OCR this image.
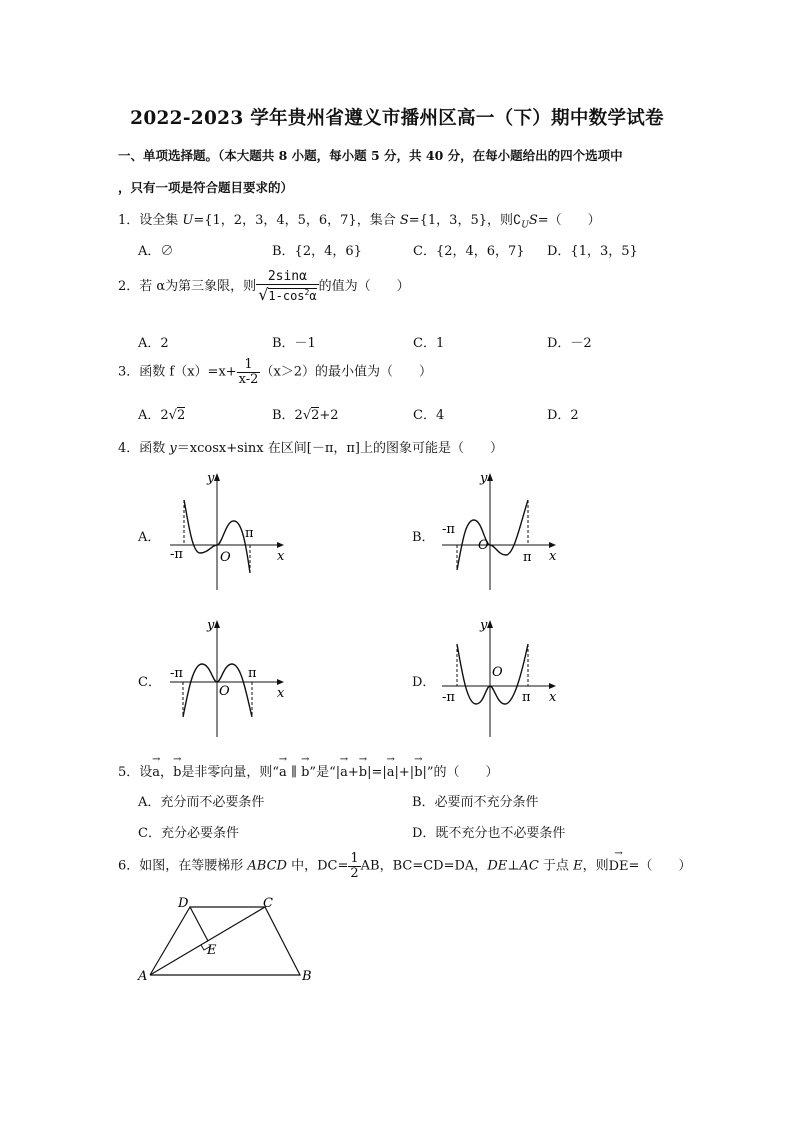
2022-2023 学年贵州省遵义市播州区高一（下）期中数学试卷
一、单项选择题。（本大题共 8 小题，每小题 5 分，共 40 分，在每小题给出的四个选项中
，只有一项是符合题目要求的）
1．设全集 U={1，2，3，4，5，6，7}，集合 S={1，3，5}，则$∁_US=$（　　）
A．∅	B．{2，4，6}	C．{2，4，6，7} D．{1，3，5}
2．若 α为第三象限，则 $\frac{2\sin\alpha}{√1-\cos^2\alpha}$ 的值为（　　）
A．2	B．－1	C．1	D．－2
3．函数 $f(x)=x+ \frac{1}{x-2} (x>2)$的最小值为（　　）
A．2√2	B．2√2+2	C．4	D．2
4．函数 y＝xcosx+sinx 在区间[－π，π]上的图象可能是（　　）
A．	B．
C．	D．
y
x
O
-π
π
y
x
O
-π
π
y
x
O
-π	π
y
x
O
-π	π
5．设→ a，→ b是非零向量，则“→ a ∥ → b”是“|→ a+→ b|=|→ a|+|→ b|”的（　　）
A．充分而不必要条件	B．必要而不充分条件
C．充分必要条件	D．既不充分也不必要条件
6．如图，在等腰梯形 ABCD 中，$DC= \frac{1}{2}$ AB，BC=CD=DA，DE⊥AC 于点 E，则→ DE=（　　）
D	C
A	B
E
